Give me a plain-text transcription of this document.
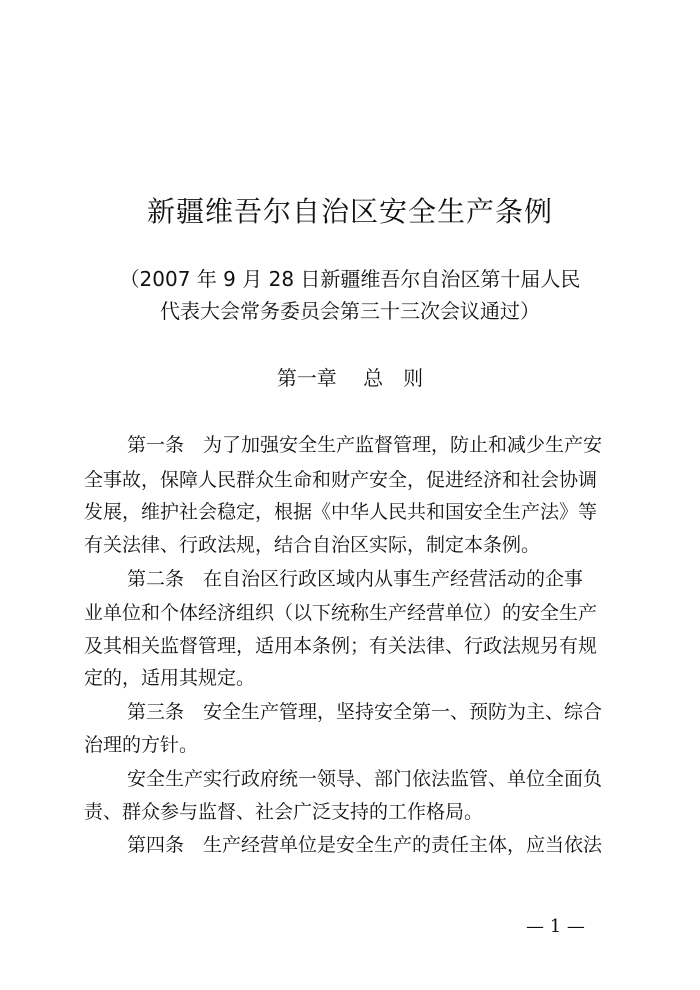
新疆维吾尔自治区安全生产条例
（2007 年 9 月 28 日新疆维吾尔自治区第十届人民
代表大会常务委员会第三十三次会议通过）
第一章　 总　则
第一条　为了加强安全生产监督管理，防止和减少生产安
全事故，保障人民群众生命和财产安全，促进经济和社会协调
发展，维护社会稳定，根据《中华人民共和国安全生产法》等
有关法律、行政法规，结合自治区实际，制定本条例。
第二条　在自治区行政区域内从事生产经营活动的企事
业单位和个体经济组织（以下统称生产经营单位）的安全生产
及其相关监督管理，适用本条例；有关法律、行政法规另有规
定的，适用其规定。
第三条　安全生产管理，坚持安全第一、预防为主、综合
治理的方针。
安全生产实行政府统一领导、部门依法监管、单位全面负
责、群众参与监督、社会广泛支持的工作格局。
第四条　生产经营单位是安全生产的责任主体，应当依法
— 1 —
